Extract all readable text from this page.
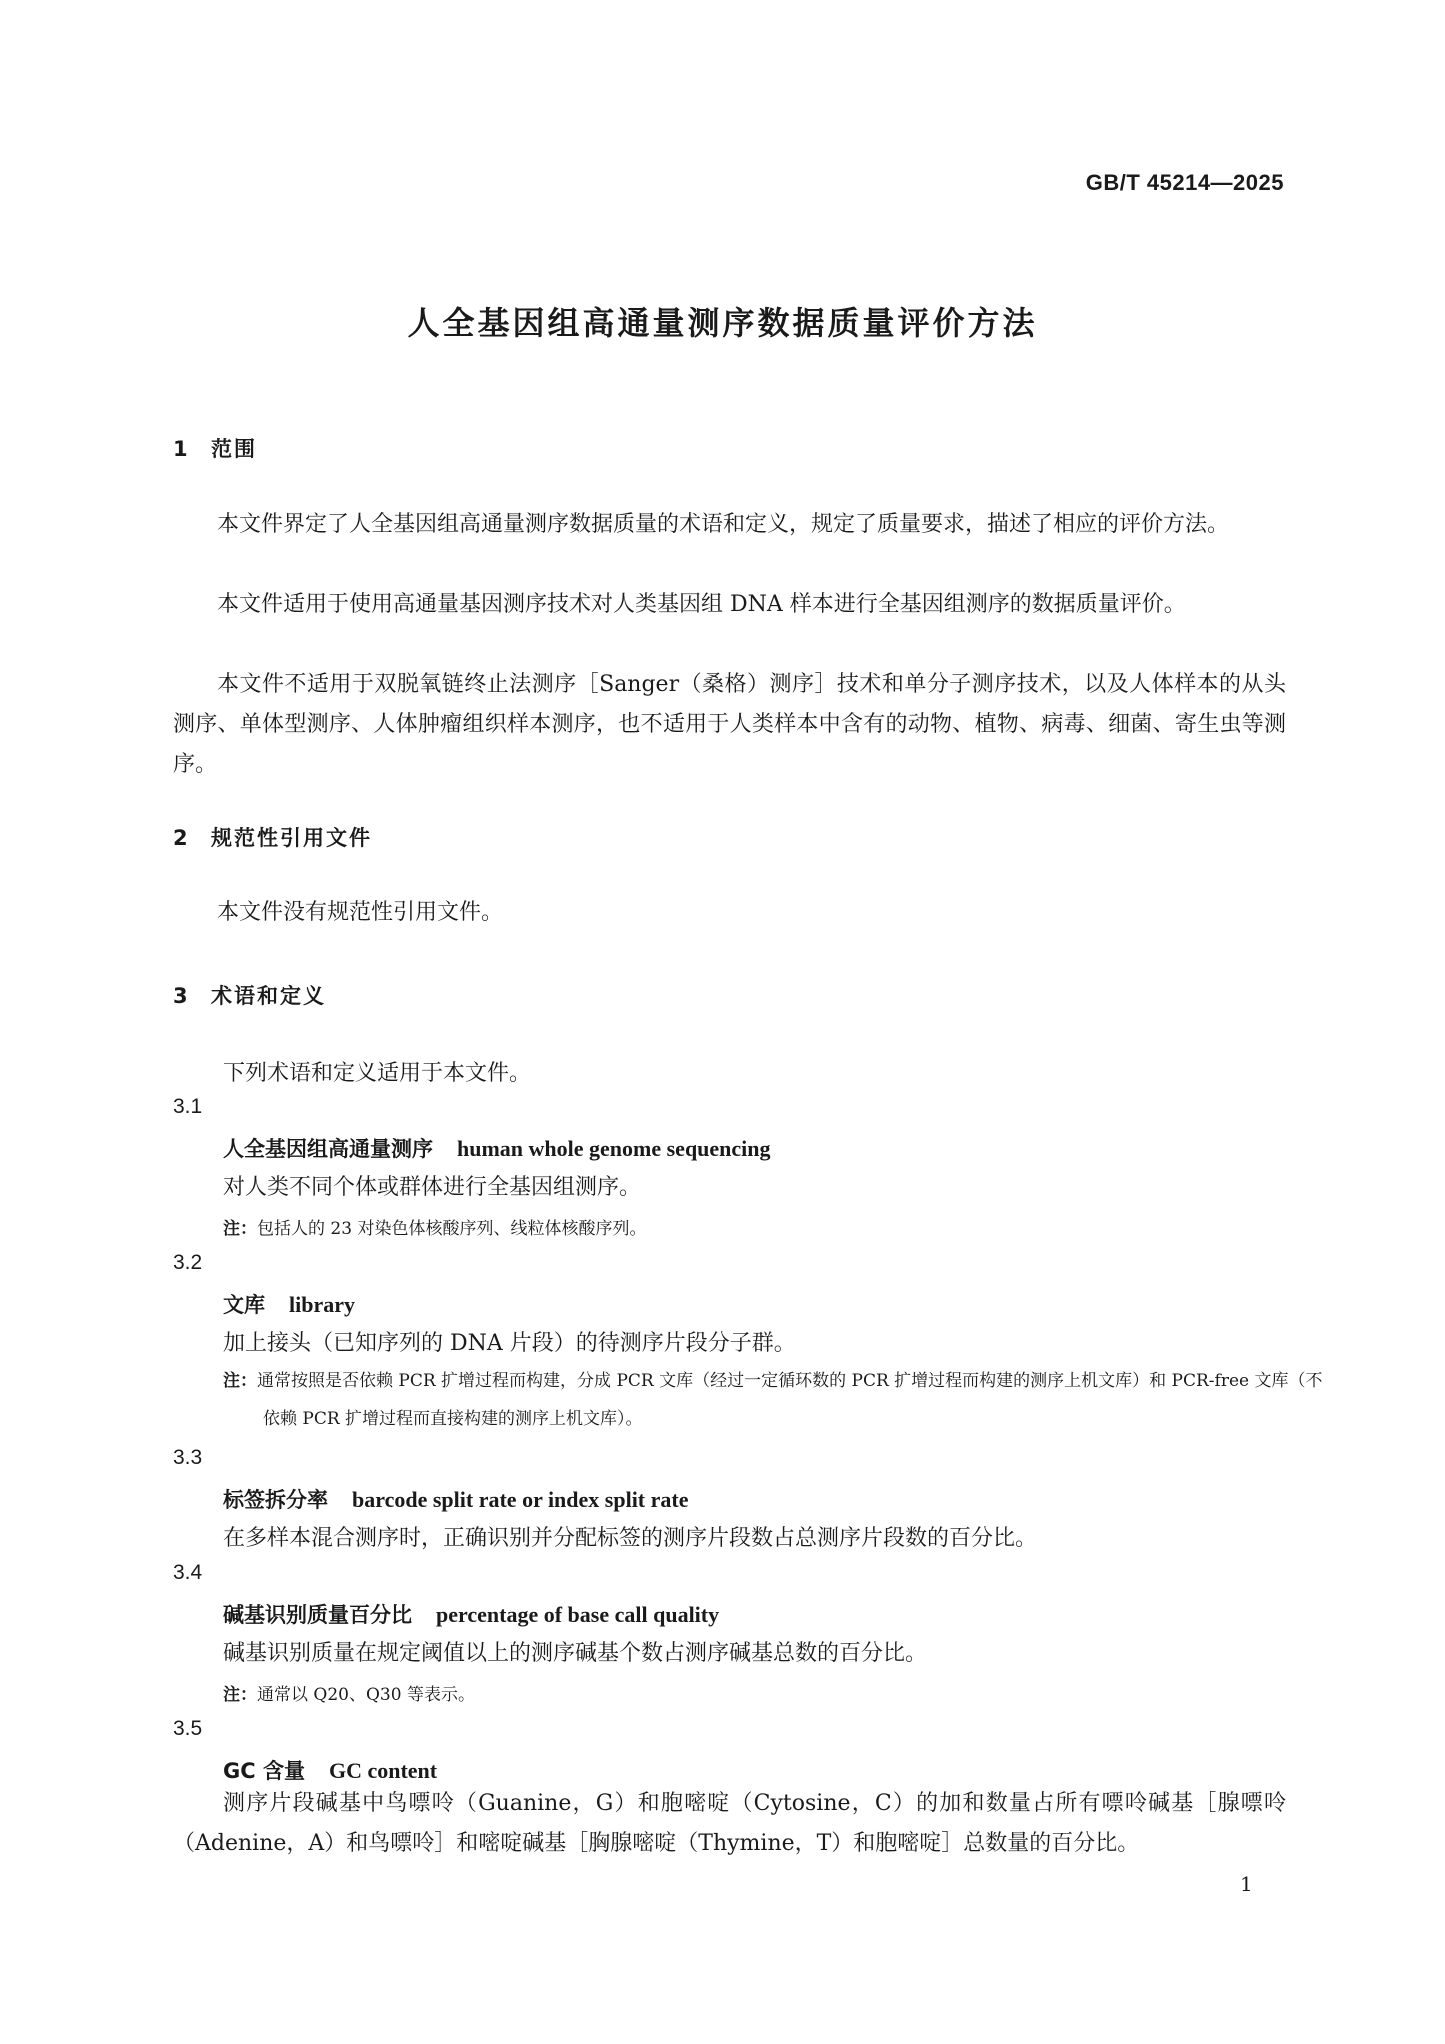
GB/T 45214—2025
人全基因组高通量测序数据质量评价方法
1 范围
本文件界定了人全基因组高通量测序数据质量的术语和定义，规定了质量要求，描述了相应的评价方法。
本文件适用于使用高通量基因测序技术对人类基因组 DNA 样本进行全基因组测序的数据质量评价。
本文件不适用于双脱氧链终止法测序［Sanger（桑格）测序］技术和单分子测序技术，以及人体样本的从头测序、单体型测序、人体肿瘤组织样本测序，也不适用于人类样本中含有的动物、植物、病毒、细菌、寄生虫等测序。
2 规范性引用文件
本文件没有规范性引用文件。
3 术语和定义
下列术语和定义适用于本文件。
3.1
人全基因组高通量测序 human whole genome sequencing
对人类不同个体或群体进行全基因组测序。
注：包括人的 23 对染色体核酸序列、线粒体核酸序列。
3.2
文库 library
加上接头（已知序列的 DNA 片段）的待测序片段分子群。
注：通常按照是否依赖 PCR 扩增过程而构建，分成 PCR 文库（经过一定循环数的 PCR 扩增过程而构建的测序上机文库）和 PCR-free 文库（不依赖 PCR 扩增过程而直接构建的测序上机文库）。
3.3
标签拆分率 barcode split rate or index split rate
在多样本混合测序时，正确识别并分配标签的测序片段数占总测序片段数的百分比。
3.4
碱基识别质量百分比 percentage of base call quality
碱基识别质量在规定阈值以上的测序碱基个数占测序碱基总数的百分比。
注：通常以 Q20、Q30 等表示。
3.5
GC 含量 GC content
测序片段碱基中鸟嘌呤（Guanine，G）和胞嘧啶（Cytosine，C）的加和数量占所有嘌呤碱基［腺嘌呤（Adenine，A）和鸟嘌呤］和嘧啶碱基［胸腺嘧啶（Thymine，T）和胞嘧啶］总数量的百分比。
1
